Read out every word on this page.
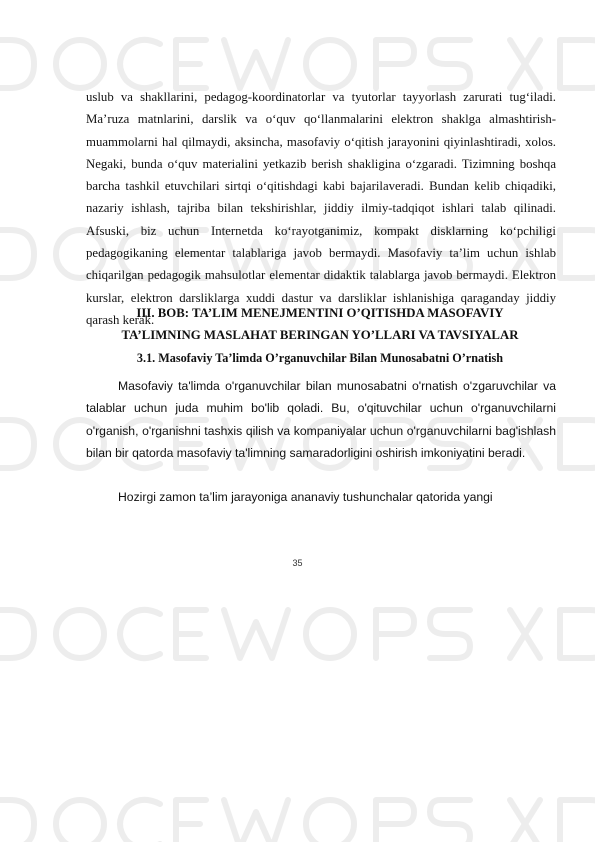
uslub va shakllarini, pedagog-koordinatorlar va tyutorlar tayyorlash zarurati tug‘iladi. Ma’ruza matnlarini, darslik va o‘quv qo‘llanmalarini elektron shaklga almashtirish- muammolarni hal qilmaydi, aksincha, masofaviy o‘qitish jarayonini qiyinlashtiradi, xolos. Negaki, bunda o‘quv materialini yetkazib berish shakligina o‘zgaradi. Tizimning boshqa barcha tashkil etuvchilari sirtqi o‘qitishdagi kabi bajarilaveradi. Bundan kelib chiqadiki, nazariy ishlash, tajriba bilan tekshirishlar, jiddiy ilmiy-tadqiqot ishlari talab qilinadi. Afsuski, biz uchun Internetda ko‘rayotganimiz, kompakt disklarning ko‘pchiligi pedagogikaning elementar talablariga javob bermaydi. Masofaviy ta’lim uchun ishlab chiqarilgan pedagogik mahsulotlar elementar didaktik talablarga javob bermaydi. Elektron kurslar, elektron darsliklarga xuddi dastur va darsliklar ishlanishiga qaraganday jiddiy qarash kerak.

III. BOB: TA’LIM MENEJMENTINI O’QITISHDA MASOFAVIY
TA’LIMNING MASLAHAT BERINGAN YO’LLARI VA TAVSIYALAR
3.1. Masofaviy Ta’limda O’rganuvchilar Bilan Munosabatni O’rnatish

Masofaviy ta'limda o'rganuvchilar bilan munosabatni o'rnatish o'zgaruvchilar va talablar uchun juda muhim bo'lib qoladi. Bu, o'qituvchilar uchun o'rganuvchilarni o'rganish, o'rganishni tashxis qilish va kompaniyalar uchun o'rganuvchilarni bag'ishlash bilan bir qatorda masofaviy ta'limning samaradorligini oshirish imkoniyatini beradi.

Hozirgi zamon ta’lim jarayoniga ananaviy tushunchalar qatorida yangi

35
